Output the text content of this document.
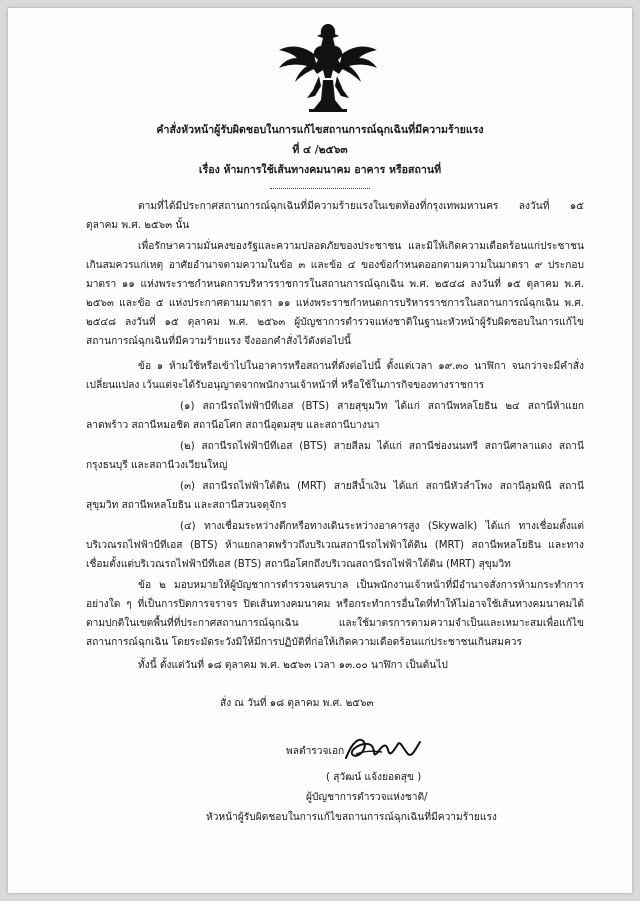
คำสั่งหัวหน้าผู้รับผิดชอบในการแก้ไขสถานการณ์ฉุกเฉินที่มีความร้ายแรง
ที่ ๔ /๒๕๖๓
เรื่อง ห้ามการใช้เส้นทางคมนาคม อาคาร หรือสถานที่
ตามที่ได้มีประกาศสถานการณ์ฉุกเฉินที่มีความร้ายแรงในเขตท้องที่กรุงเทพมหานคร ลงวันที่ ๑๕ ตุลาคม พ.ศ. ๒๕๖๓ นั้น
เพื่อรักษาความมั่นคงของรัฐและความปลอดภัยของประชาชน และมิให้เกิดความเดือดร้อนแก่ประชาชนเกินสมควรแก่เหตุ อาศัยอำนาจตามความในข้อ ๓ และข้อ ๔ ของข้อกำหนดออกตามความในมาตรา ๙ ประกอบมาตรา ๑๑ แห่งพระราชกำหนดการบริหารราชการในสถานการณ์ฉุกเฉิน พ.ศ. ๒๕๔๘ ลงวันที่ ๑๕ ตุลาคม พ.ศ. ๒๕๖๓ และข้อ ๕ แห่งประกาศตามมาตรา ๑๑ แห่งพระราชกำหนดการบริหารราชการในสถานการณ์ฉุกเฉิน พ.ศ. ๒๕๔๘ ลงวันที่ ๑๕ ตุลาคม พ.ศ. ๒๕๖๓ ผู้บัญชาการตำรวจแห่งชาติในฐานะหัวหน้าผู้รับผิดชอบในการแก้ไขสถานการณ์ฉุกเฉินที่มีความร้ายแรง จึงออกคำสั่งไว้ดังต่อไปนี้
ข้อ ๑ ห้ามใช้หรือเข้าไปในอาคารหรือสถานที่ดังต่อไปนี้ ตั้งแต่เวลา ๑๙.๓๐ นาฬิกา จนกว่าจะมีคำสั่งเปลี่ยนแปลง เว้นแต่จะได้รับอนุญาตจากพนักงานเจ้าหน้าที่ หรือใช้ในภารกิจของทางราชการ
(๑) สถานีรถไฟฟ้าบีทีเอส (BTS) สายสุขุมวิท ได้แก่ สถานีพหลโยธิน ๒๔ สถานีห้าแยกลาดพร้าว สถานีหมอชิต สถานีอโศก สถานีอุดมสุข และสถานีบางนา
(๒) สถานีรถไฟฟ้าบีทีเอส (BTS) สายสีลม ได้แก่ สถานีช่องนนทรี สถานีศาลาแดง สถานีกรุงธนบุรี และสถานีวงเวียนใหญ่
(๓) สถานีรถไฟฟ้าใต้ดิน (MRT) สายสีน้ำเงิน ได้แก่ สถานีหัวลำโพง สถานีลุมพินี สถานีสุขุมวิท สถานีพหลโยธิน และสถานีสวนจตุจักร
(๔) ทางเชื่อมระหว่างตึกหรือทางเดินระหว่างอาคารสูง (Skywalk) ได้แก่ ทางเชื่อมตั้งแต่บริเวณรถไฟฟ้าบีทีเอส (BTS) ห้าแยกลาดพร้าวถึงบริเวณสถานีรถไฟฟ้าใต้ดิน (MRT) สถานีพหลโยธิน และทางเชื่อมตั้งแต่บริเวณรถไฟฟ้าบีทีเอส (BTS) สถานีอโศกถึงบริเวณสถานีรถไฟฟ้าใต้ดิน (MRT) สุขุมวิท
ข้อ ๒ มอบหมายให้ผู้บัญชาการตำรวจนครบาล เป็นพนักงานเจ้าหน้าที่มีอำนาจสั่งการห้ามกระทำการอย่างใด ๆ ที่เป็นการปิดการจราจร ปิดเส้นทางคมนาคม หรือกระทำการอื่นใดที่ทำให้ไม่อาจใช้เส้นทางคมนาคมได้ตามปกติในเขตพื้นที่ที่ประกาศสถานการณ์ฉุกเฉิน และใช้มาตรการตามความจำเป็นและเหมาะสมเพื่อแก้ไขสถานการณ์ฉุกเฉิน โดยระมัดระวังมิให้มีการปฏิบัติที่ก่อให้เกิดความเดือดร้อนแก่ประชาชนเกินสมควร
ทั้งนี้ ตั้งแต่วันที่ ๑๘ ตุลาคม พ.ศ. ๒๕๖๓ เวลา ๑๓.๐๐ นาฬิกา เป็นต้นไป
สั่ง ณ วันที่ ๑๘ ตุลาคม พ.ศ. ๒๕๖๓
พลตำรวจเอก
( สุวัฒน์ แจ้งยอดสุข )
ผู้บัญชาการตำรวจแห่งชาติ/
หัวหน้าผู้รับผิดชอบในการแก้ไขสถานการณ์ฉุกเฉินที่มีความร้ายแรง
